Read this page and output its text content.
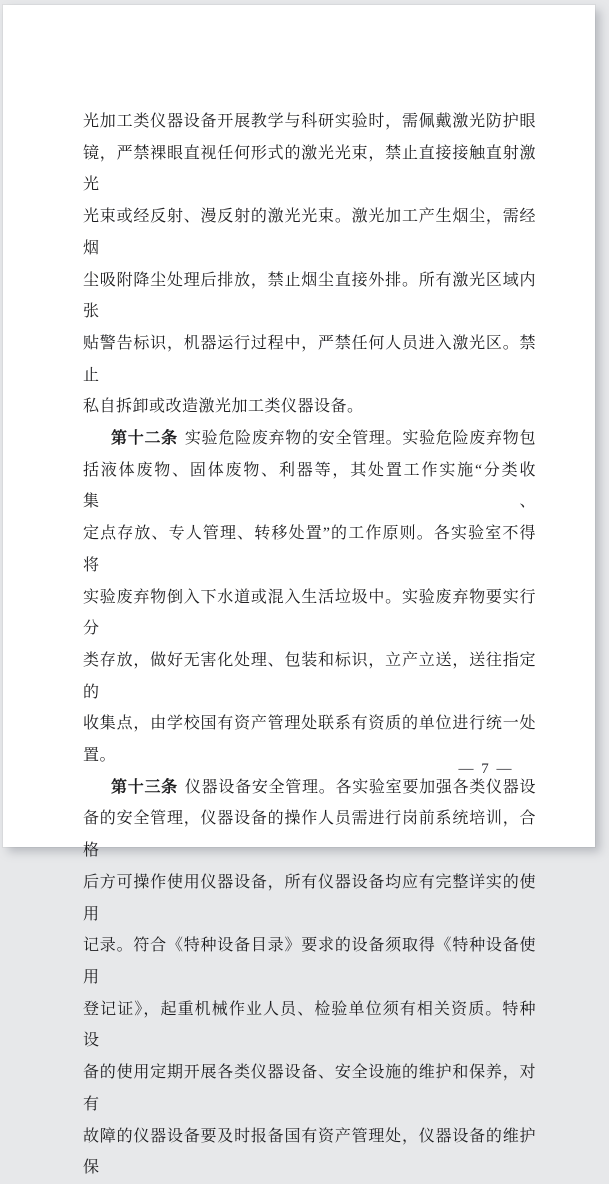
光加工类仪器设备开展教学与科研实验时，需佩戴激光防护眼
镜，严禁裸眼直视任何形式的激光光束，禁止直接接触直射激光
光束或经反射、漫反射的激光光束。激光加工产生烟尘，需经烟
尘吸附降尘处理后排放，禁止烟尘直接外排。所有激光区域内张
贴警告标识，机器运行过程中，严禁任何人员进入激光区。禁止
私自拆卸或改造激光加工类仪器设备。

第十二条 实验危险废弃物的安全管理。实验危险废弃物包
括液体废物、固体废物、利器等，其处置工作实施“分类收集、
定点存放、专人管理、转移处置”的工作原则。各实验室不得将
实验废弃物倒入下水道或混入生活垃圾中。实验废弃物要实行分
类存放，做好无害化处理、包装和标识，立产立送，送往指定的
收集点，由学校国有资产管理处联系有资质的单位进行统一处
置。

第十三条 仪器设备安全管理。各实验室要加强各类仪器设
备的安全管理，仪器设备的操作人员需进行岗前系统培训，合格
后方可操作使用仪器设备，所有仪器设备均应有完整详实的使用
记录。符合《特种设备目录》要求的设备须取得《特种设备使用
登记证》，起重机械作业人员、检验单位须有相关资质。特种设
备的使用定期开展各类仪器设备、安全设施的维护和保养，对有
故障的仪器设备要及时报备国有资产管理处，仪器设备的维护保

— 7 —
